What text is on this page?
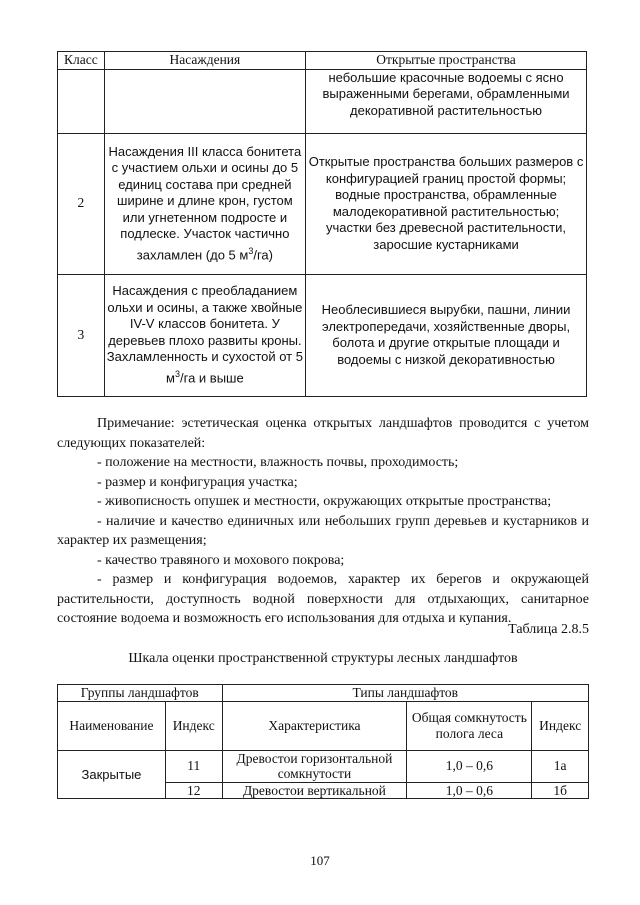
Класс	Насаждения	Открытые пространства
		небольшие красочные водоемы с ясно выраженными берегами, обрамленными декоративной растительностью
2	Насаждения III класса бонитета с участием ольхи и осины до 5 единиц состава при средней ширине и длине крон, густом или угнетенном подросте и подлеске. Участок частично захламлен (до 5 $м^3/га$)	Открытые пространства больших размеров с конфигурацией границ простой формы; водные пространства, обрамленные малодекоративной растительностью; участки без древесной растительности, заросшие кустарниками
3	Насаждения с преобладанием ольхи и осины, а также хвойные IV-V классов бонитета. У деревьев плохо развиты кроны. Захламленность и сухостой от 5 $м^3/га$ и выше	Необлесившиеся вырубки, пашни, линии электропередачи, хозяйственные дворы, болота и другие открытые площади и водоемы с низкой декоративностью
Примечание: эстетическая оценка открытых ландшафтов проводится с учетом следующих показателей:
- положение на местности, влажность почвы, проходимость;
- размер и конфигурация участка;
- живописность опушек и местности, окружающих открытые пространства;
- наличие и качество единичных или небольших групп деревьев и кустарников и характер их размещения;
- качество травяного и мохового покрова;
- размер и конфигурация водоемов, характер их берегов и окружающей растительности, доступность водной поверхности для отдыхающих, санитарное состояние водоема и возможность его использования для отдыха и купания.
Таблица 2.8.5
Шкала оценки пространственной структуры лесных ландшафтов
Группы ландшафтов		Типы ландшафтов		
Наименование	Индекс	Характеристика	Общая сомкнутость полога леса	Индекс
Закрытые	11	Древостои горизонтальной сомкнутости	1,0 – 0,6	1а
	12	Древостои вертикальной	1,0 – 0,6	1б
107
